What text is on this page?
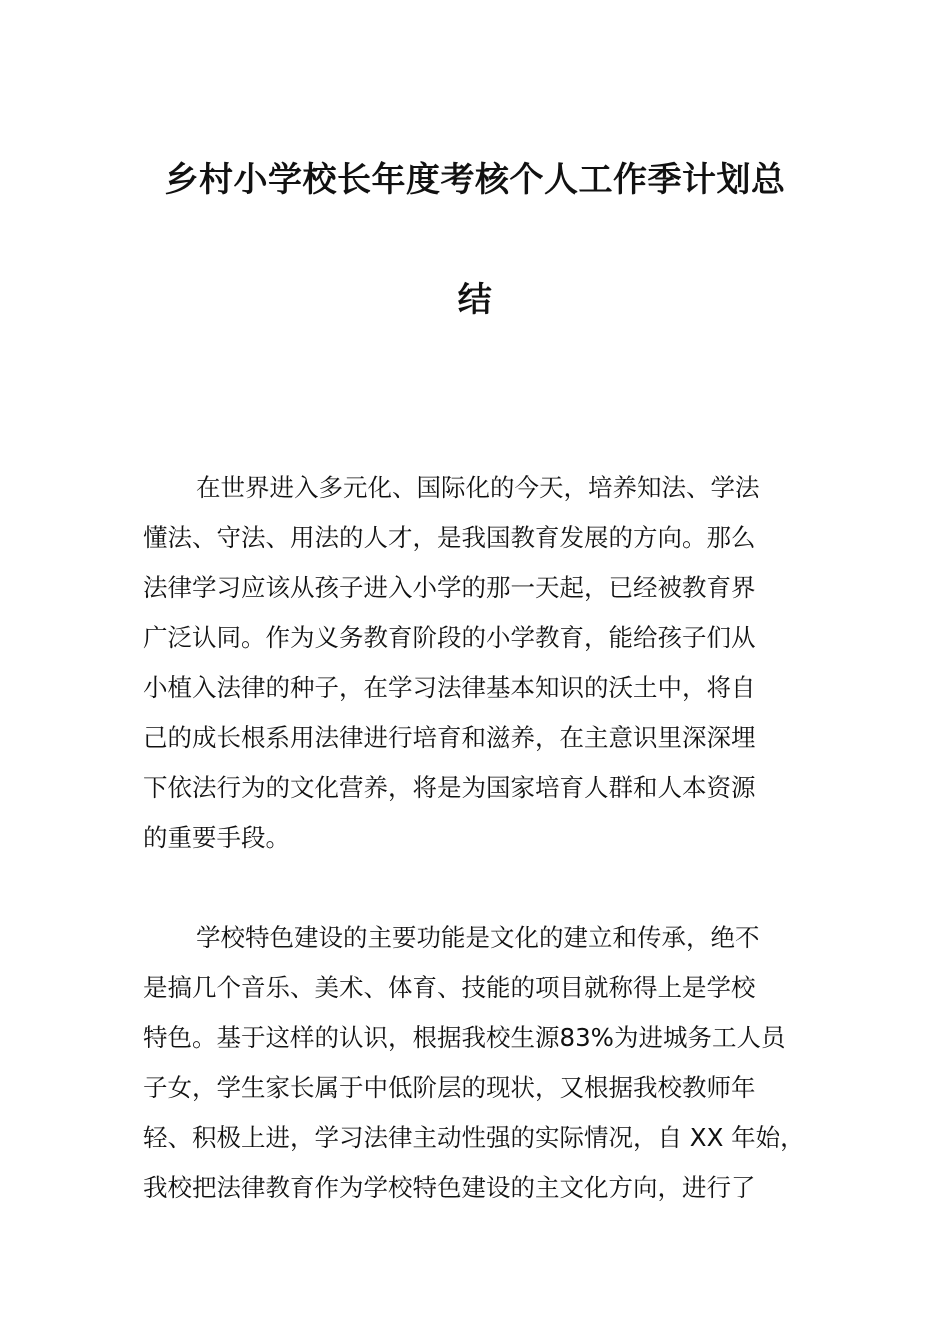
乡村小学校长年度考核个人工作季计划总
结
在世界进入多元化、国际化的今天，培养知法、学法
懂法、守法、用法的人才，是我国教育发展的方向。那么
法律学习应该从孩子进入小学的那一天起，已经被教育界
广泛认同。作为义务教育阶段的小学教育，能给孩子们从
小植入法律的种子，在学习法律基本知识的沃土中，将自
己的成长根系用法律进行培育和滋养，在主意识里深深埋
下依法行为的文化营养，将是为国家培育人群和人本资源
的重要手段。
学校特色建设的主要功能是文化的建立和传承，绝不
是搞几个音乐、美术、体育、技能的项目就称得上是学校
特色。基于这样的认识，根据我校生源83%为进城务工人员
子女，学生家长属于中低阶层的现状，又根据我校教师年
轻、积极上进，学习法律主动性强的实际情况，自 XX 年始，
我校把法律教育作为学校特色建设的主文化方向，进行了
